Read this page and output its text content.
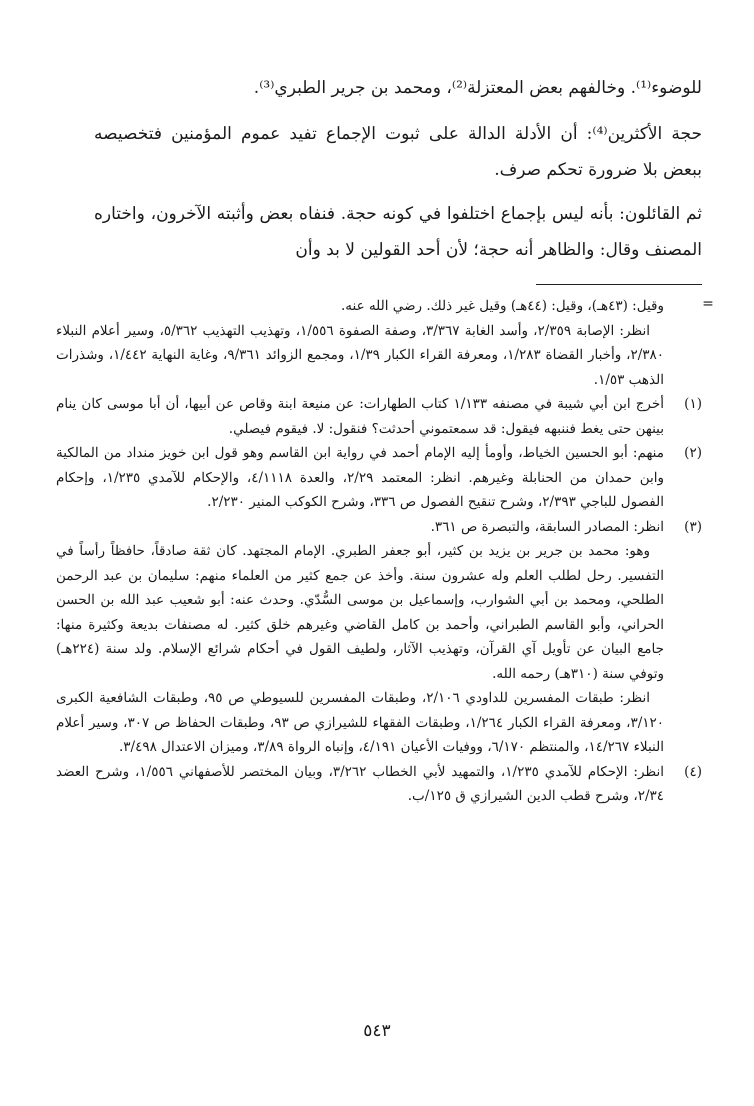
للوضوء⁽¹⁾. وخالفهم بعض المعتزلة⁽²⁾، ومحمد بن جرير الطبري⁽³⁾.

حجة الأكثرين⁽⁴⁾: أن الأدلة الدالة على ثبوت الإجماع تفيد عموم المؤمنين فتخصيصه ببعض بلا ضرورة تحكم صرف.

ثم القائلون: بأنه ليس بإجماع اختلفوا في كونه حجة. فنفاه بعض وأثبته الآخرون، واختاره المصنف وقال: والظاهر أنه حجة؛ لأن أحد القولين لا بد وأن

=
وقيل: (٤٣هـ)، وقيل: (٤٤هـ) وقيل غير ذلك. رضي الله عنه.
انظر: الإصابة ٢/٣٥٩، وأسد الغابة ٣/٣٦٧، وصفة الصفوة ١/٥٥٦، وتهذيب التهذيب ٥/٣٦٢، وسير أعلام النبلاء ٢/٣٨٠، وأخبار القضاة ١/٢٨٣، ومعرفة القراء الكبار ١/٣٩، ومجمع الزوائد ٩/٣٦١، وغاية النهاية ١/٤٤٢، وشذرات الذهب ١/٥٣.
(١)
أخرج ابن أبي شيبة في مصنفه ١/١٣٣ كتاب الطهارات: عن منيعة ابنة وقاص عن أبيها، أن أبا موسى كان ينام بينهن حتى يغط فننبهه فيقول: قد سمعتموني أحدثت؟ فنقول: لا. فيقوم فيصلي.
(٢)
منهم: أبو الحسين الخياط، وأومأ إليه الإمام أحمد في رواية ابن القاسم وهو قول ابن خويز منداد من المالكية وابن حمدان من الحنابلة وغيرهم. انظر: المعتمد ٢/٢٩، والعدة ٤/١١١٨، والإحكام للآمدي ١/٢٣٥، وإحكام الفصول للباجي ٢/٣٩٣، وشرح تنقيح الفصول ص ٣٣٦، وشرح الكوكب المنير ٢/٢٣٠.
(٣)
انظر: المصادر السابقة، والتبصرة ص ٣٦١.
وهو: محمد بن جرير بن يزيد بن كثير، أبو جعفر الطبري. الإمام المجتهد. كان ثقة صادقاً، حافظاً رأساً في التفسير. رحل لطلب العلم وله عشرون سنة. وأخذ عن جمع كثير من العلماء منهم: سليمان بن عبد الرحمن الطلحي، ومحمد بن أبي الشوارب، وإسماعيل بن موسى السُّدّي. وحدث عنه: أبو شعيب عبد الله بن الحسن الحراني، وأبو القاسم الطبراني، وأحمد بن كامل القاضي وغيرهم خلق كثير. له مصنفات بديعة وكثيرة منها: جامع البيان عن تأويل آي القرآن، وتهذيب الآثار، ولطيف القول في أحكام شرائع الإسلام. ولد سنة (٢٢٤هـ) وتوفي سنة (٣١٠هـ) رحمه الله.
انظر: طبقات المفسرين للداودي ٢/١٠٦، وطبقات المفسرين للسيوطي ص ٩٥، وطبقات الشافعية الكبرى ٣/١٢٠، ومعرفة القراء الكبار ١/٢٦٤، وطبقات الفقهاء للشيرازي ص ٩٣، وطبقات الحفاظ ص ٣٠٧، وسير أعلام النبلاء ١٤/٢٦٧، والمنتظم ٦/١٧٠، ووفيات الأعيان ٤/١٩١، وإنباه الرواة ٣/٨٩، وميزان الاعتدال ٣/٤٩٨.
(٤)
انظر: الإحكام للآمدي ١/٢٣٥، والتمهيد لأبي الخطاب ٣/٢٦٢، وبيان المختصر للأصفهاني ١/٥٥٦، وشرح العضد ٢/٣٤، وشرح قطب الدين الشيرازي ق ١٢٥/ب.
٥٤٣
